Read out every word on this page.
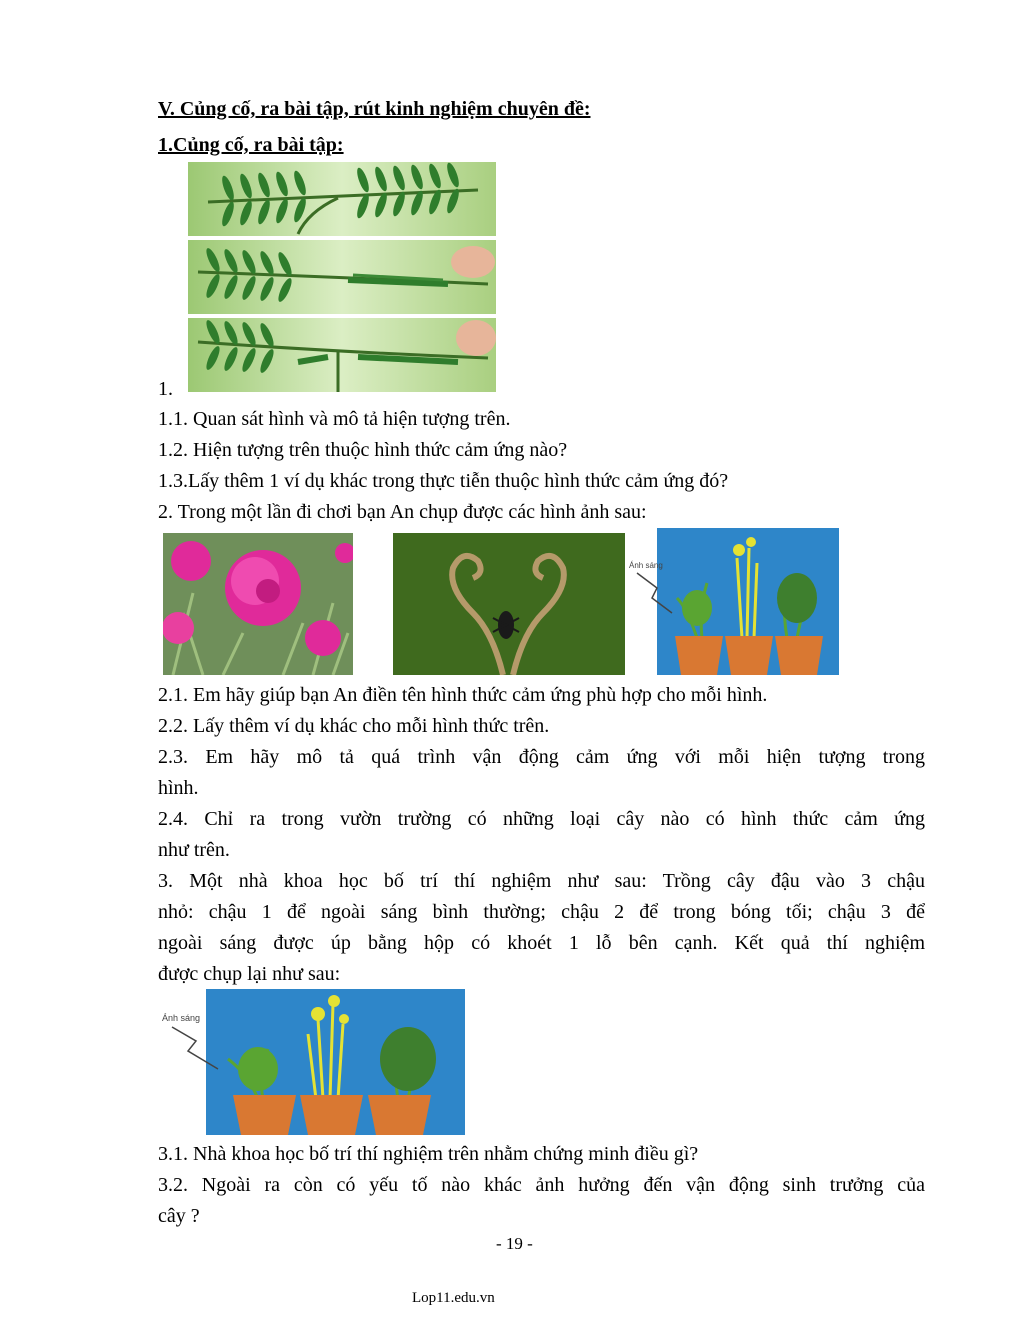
V. Củng cố, ra bài tập, rút kinh nghiệm chuyên đề:
1.Củng cố, ra bài tập:
1.
1.1. Quan sát hình và mô tả hiện tượng trên.
1.2. Hiện tượng trên thuộc hình thức cảm ứng nào?
1.3.Lấy thêm 1 ví dụ khác trong thực tiễn thuộc hình thức cảm ứng đó?
2. Trong một lần đi chơi bạn An chụp được các hình ảnh sau:
Ánh sáng
2.1. Em hãy giúp bạn An điền tên hình thức cảm ứng phù hợp cho mỗi hình.
2.2. Lấy thêm ví dụ khác cho mỗi hình thức trên.
2.3. Em hãy mô tả quá trình vận động cảm ứng với mỗi hiện tượng trong
hình.
2.4. Chỉ ra trong vườn trường có những loại cây nào có hình thức cảm ứng
như trên.
3. Một nhà khoa học bố trí thí nghiệm như sau: Trồng cây đậu vào 3 chậu
nhỏ: chậu 1 để ngoài sáng bình thường; chậu 2 để trong bóng tối; chậu 3 để
ngoài sáng được úp bằng hộp có khoét 1 lỗ bên cạnh. Kết quả thí nghiệm
được chụp lại như sau:
Ánh sáng
3.1. Nhà khoa học bố trí thí nghiệm trên nhằm chứng minh điều gì?
3.2. Ngoài ra còn có yếu tố nào khác ảnh hưởng đến vận động sinh trưởng của
cây ?
- 19 -
Lop11.edu.vn
